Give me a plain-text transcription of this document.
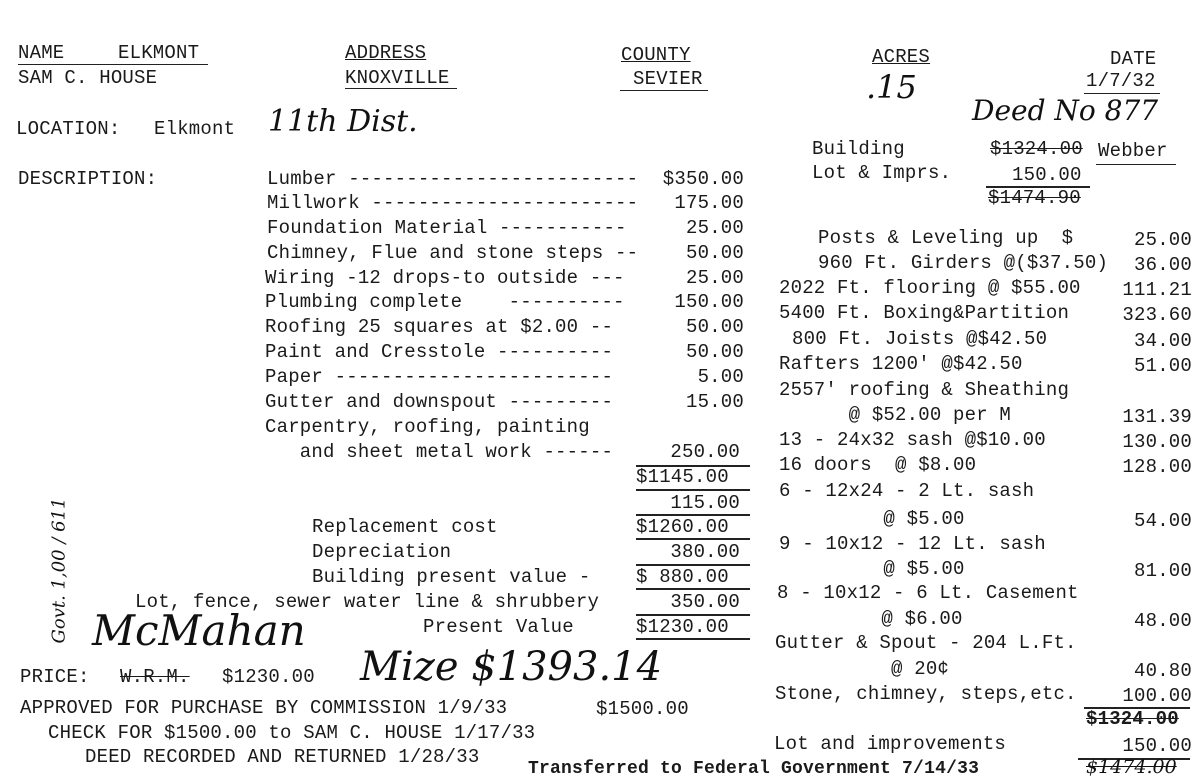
NAME	ELKMONT
SAM C. HOUSE
ADDRESS
KNOXVILLE
COUNTY
SEVIER
ACRES
.15
DATE
1/7/32
Deed No 877
LOCATION: Elkmont 11th Dist.
DESCRIPTION:	Lumber -------------------------	$350.00
Millwork -----------------------	175.00
Foundation Material -----------	25.00
Chimney, Flue and stone steps --	50.00
Wiring -12 drops-to outside ---	25.00
Plumbing complete    ----------	150.00
Roofing 25 squares at $2.00 --	50.00
Paint and Cresstole ----------	50.00
Paper ------------------------	5.00
Gutter and downspout ---------	15.00
Carpentry, roofing, painting
and sheet metal work ------	250.00
$1145.00
115.00
Replacement cost	$1260.00
Depreciation	380.00
Building present value - $ 880.00
Lot, fence, sewer water line & shrubbery	350.00
Present Value	$1230.00
Govt. 1,00 / 611 McMahan
PRICE: W.R.M. $1230.00 Mize $1393.14
APPROVED FOR PURCHASE BY COMMISSION 1/9/33	$1500.00
CHECK FOR $1500.00 to SAM C. HOUSE 1/17/33
DEED RECORDED AND RETURNED 1/28/33
Transferred to Federal Government 7/14/33
Building	$1324.00 Webber
Lot & Imprs.	150.00
$1474.90
Posts & Leveling up  $	25.00
960 Ft. Girders @($37.50)	36.00
2022 Ft. flooring @ $55.00	111.21
5400 Ft. Boxing&Partition	323.60
800 Ft. Joists @$42.50	34.00
Rafters 1200' @$42.50	51.00
2557' roofing & Sheathing
@ $52.00 per M	131.39
13 - 24x32 sash @$10.00	130.00
16 doors  @ $8.00	128.00
6 - 12x24 - 2 Lt. sash
@ $5.00	54.00
9 - 10x12 - 12 Lt. sash
@ $5.00	81.00
8 - 10x12 - 6 Lt. Casement
@ $6.00	48.00
Gutter & Spout - 204 L.Ft.
@ 20¢	40.80
Stone, chimney, steps,etc.	100.00
$1324.00
Lot and improvements	150.00
$1474.00
